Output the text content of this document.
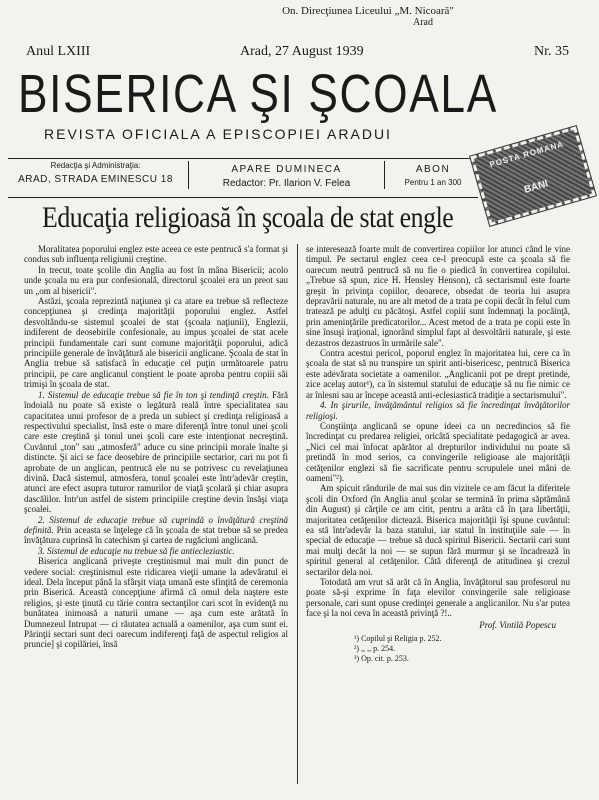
On. Direcţiunea Liceului „M. Nicoară"
Arad
Anul LXIII	Arad, 27 August 1939	Nr. 35
BISERICA ŞI ŞCOALA
REVISTA OFICIALA A EPISCOPIEI ARADUI
Redacţia şi Administraţia:
ARAD, STRADA EMINESCU 18
APARE DUMINECA
Redactor: Pr. Ilarion V. Felea
ABON
Pentru 1 an 300
POSTA ROMANA
BANI
Educaţia religioasă în şcoala de stat engle

Moralitatea poporului englez este aceea ce este pentrucă s'a format şi condus sub influenţa religiunii creştine.

In trecut, toate şcolile din Anglia au fost în mâna Bisericii; acolo unde şcoala nu era pur confesională, directorul şcoalei era un preot sau un „om al bisericii".

Astăzi, şcoala reprezintă naţiunea şi ca atare ea trebue să reflecteze concepţiunea şi credinţa majorităţii poporului englez. Astfel desvoltându-se sistemul şcoalei de stat (şcoala naţiunii), Englezii, indiferent de deosebirile confesionale, au impus şcoalei de stat acele principii fundamentale cari sunt comune majorităţii poporului, adică principiile generale de învăţătură ale bisericii anglicane. Şcoala de stat în Anglia trebue să satisfacă în educaţie cel puţin următoarele patru principii, pe care anglicanul conştient le poate aproba pentru copiii săi trimişi în şcoala de stat.

1. Sistemul de educaţie trebue să fie în ton şi tendinţă creştin. Fără îndoială nu poate să existe o legătură reală între specialitatea sau capacitatea unui profesor de a preda un subiect şi credinţa religioasă a respectivului specialist, însă este o mare diferenţă între tonul unei şcoli care este creştină şi tonul unei şcoli care este intenţionat necreştină. Cuvântul „ton" sau „atmosferă" aduce cu sine principii morale înalte şi distincte. Şi aici se face deosebire de principiile sectarior, cari nu pot fi aprobate de un anglican, pentrucă ele nu se potrivesc cu revelaţiunea divină. Dacă sistemul, atmosfera, tonul şcoalei este într'adevăr creştin, atunci are efect asupra tuturor ramurilor de viaţă şcolară şi chiar asupra dascălilor. Intr'un astfel de sistem principiile creştine devin însăşi viaţa şcoalei.

2. Sistemul de educaţie trebue să cuprindă o învăţătură creştină definită. Prin aceasta se înţelege că în şcoala de stat trebue să se predea învăţătura cuprinsă în catechism şi cartea de rugăciuni anglicană.

3. Sistemul de educaţie nu trebue să fie antiecleziastic.

Biserica anglicană priveşte creştinismul mai mult din punct de vedere social: creştinismul este ridicarea vieţii umane la adevăratul ei ideal. Dela început până la sfârşit viaţa umană este sfinţită de ceremonia prin Biserică. Această concepţiune afirmă că omul dela naştere este religios, şi este ţinută cu tărie contra sectanţilor cari scot în evidenţă nu bunătatea inimoasă a naturii umane — aşa cum este arătată în Dumnezeul Intrupat — ci răutatea actuală a oamenilor, aşa cum sunt ei. Părinţii sectari sunt deci oarecum indiferenţi faţă de aspectul religios al pruncie] şi copilăriei, însă

se interesează foarte mult de convertirea copiilor lor atunci când le vine timpul. Pe sectarul englez ceea ce-l preocupă este ca şcoala să fie oarecum neutră pentrucă să nu fie o piedică în convertirea copilului. „Trebue să spun, zice H. Hensley Henson), că sectarismul este foarte greşit în privinţa copiilor, deoarece, obsedat de teoria lui asupra depravării naturale, nu are alt metod de a trata pe copii decât în felul cum tratează pe adulţi cu păcătoşi. Astfel copiii sunt îndemnaţi la pocăinţă, prin ameninţările predicatorilor... Acest metod de a trata pe copii este în sine însuşi iraţional, ignorând simplul fapt al desvoltării naturale, şi este dezastros dezastruos în urmările sale".

Contra acestui pericol, poporul englez în majoritatea lui, cere ca în şcoala de stat să nu transpire un spirit anti-bisericesc, pentrucă Biserica este adevărata societate a oamenilor. „Anglicanii pot pe drept pretinde, zice acelaş autor¹), ca în sistemul statului de educaţie să nu fie nimic ce ar înlesni sau ar începe această anti-eclesiastică tradiţie a sectarismului".

4. In şirurile, învăţământul religios să fie încredinţat învăţătorilor religioşi.

Conştiinţa anglicană se opune ideei ca un necredincios să fie încredinţat cu predarea religiei, oricâtă specialitate pedagogică ar avea. „Nici cel mai înfocat apărător al drepturilor individului nu poate să pretindă în mod serios, ca convingerile religioase ale majorităţii cetăţenilor englezi să fie sacrificate pentru scrupulele unei mâni de oameni"²).

Am spicuit rândurile de mai sus din vizitele ce am făcut la diferitele şcoli din Oxford (în Anglia anul şcolar se termină în prima săptămână din August) şi cărţile ce am citit, pentru a arăta că în ţara libertăţii, majoritatea cetăţenilor dictează. Biserica majorităţii îşi spune cuvântul: ea stă într'adevăr la baza statului, iar statul în instituţiile sale — în special de educaţie — trebue să ducă spiritul Bisericii. Sectarii cari sunt mai mulţi decât la noi — se supun fără murmur şi se încadrează în spiritul general al cetăţenilor. Câtă diferenţă de atitudinea şi crezul sectarilor dela noi.

Totodată am vrut să arăt că în Anglia, învăţătorul sau profesorul nu poate să-şi exprime în faţa elevilor convingerile sale religioase personale, cari sunt opuse credinţei generale a anglicanilor. Nu s'ar putea face şi la noi ceva în această privinţă ?!..

Prof. Vintilă Popescu
¹) Copilul şi Religia p. 252.
²) ,, ,, p. 254.
³) Op. cit. p. 253.
